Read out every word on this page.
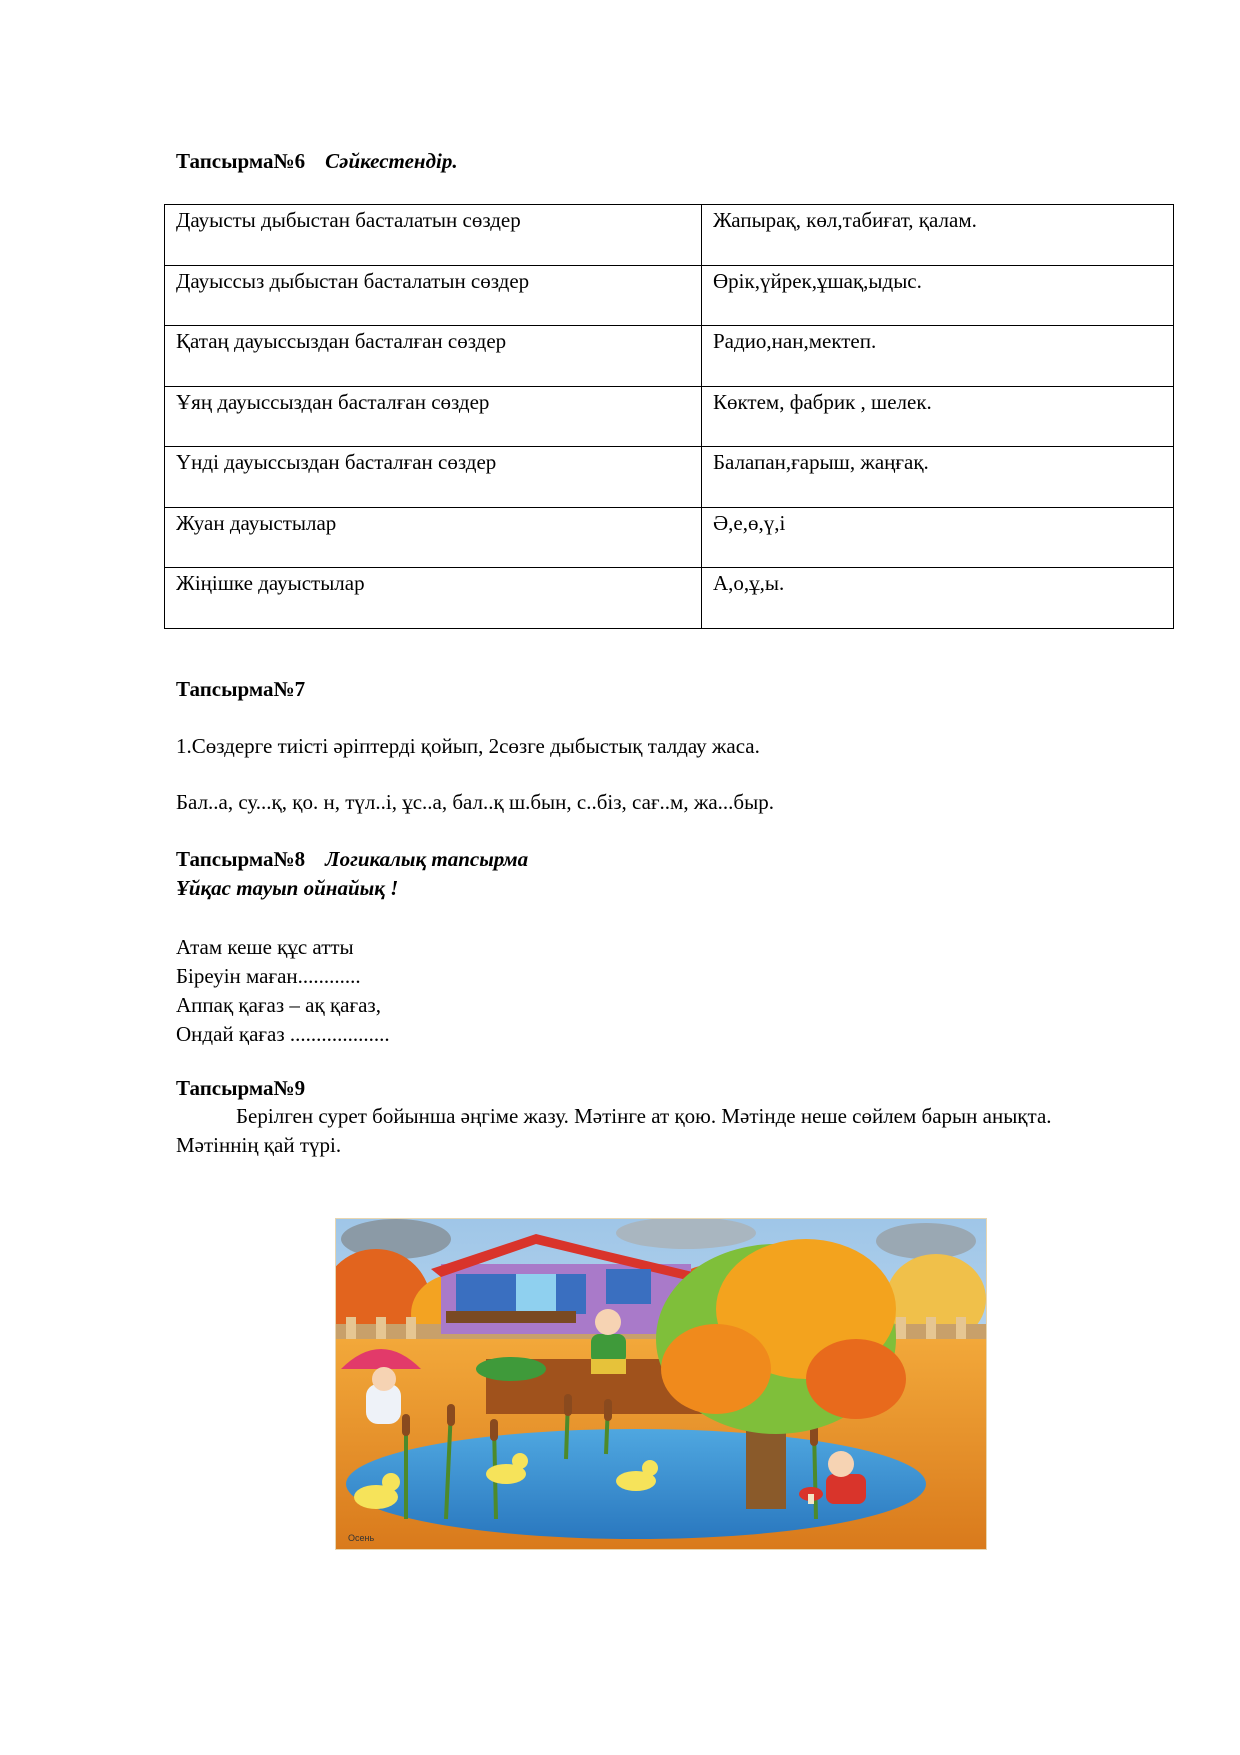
Тапсырма№6 Сәйкестендір.
Дауысты дыбыстан басталатын сөздер	Жапырақ, көл,табиғат, қалам.
Дауыссыз дыбыстан басталатын сөздер	Өрік,үйрек,ұшақ,ыдыс.
Қатаң дауыссыздан басталған сөздер	Радио,нан,мектеп.
Ұяң дауыссыздан басталған сөздер	Көктем, фабрик , шелек.
Үнді дауыссыздан басталған сөздер	Балапан,ғарыш, жаңғақ.
Жуан дауыстылар	Ә,е,ө,ү,і
Жіңішке дауыстылар	А,о,ұ,ы.
Тапсырма№7
1.Сөздерге тиісті әріптерді қойып, 2сөзге дыбыстық талдау жаса.
Бал..а, су...қ, қо. н, түл..і, ұс..а, бал..қ ш.бын, с..біз, сағ..м, жа...быр.
Тапсырма№8 Логикалық тапсырма
Ұйқас тауып ойнайық !
Атам кеше құс атты
Біреуін маған............
Аппақ қағаз – ақ қағаз,
Ондай қағаз ...................
Тапсырма№9
Берілген сурет бойынша әңгіме жазу. Мәтінге ат қою. Мәтінде неше сөйлем барын анықта. Мәтіннің қай түрі.
Осень
